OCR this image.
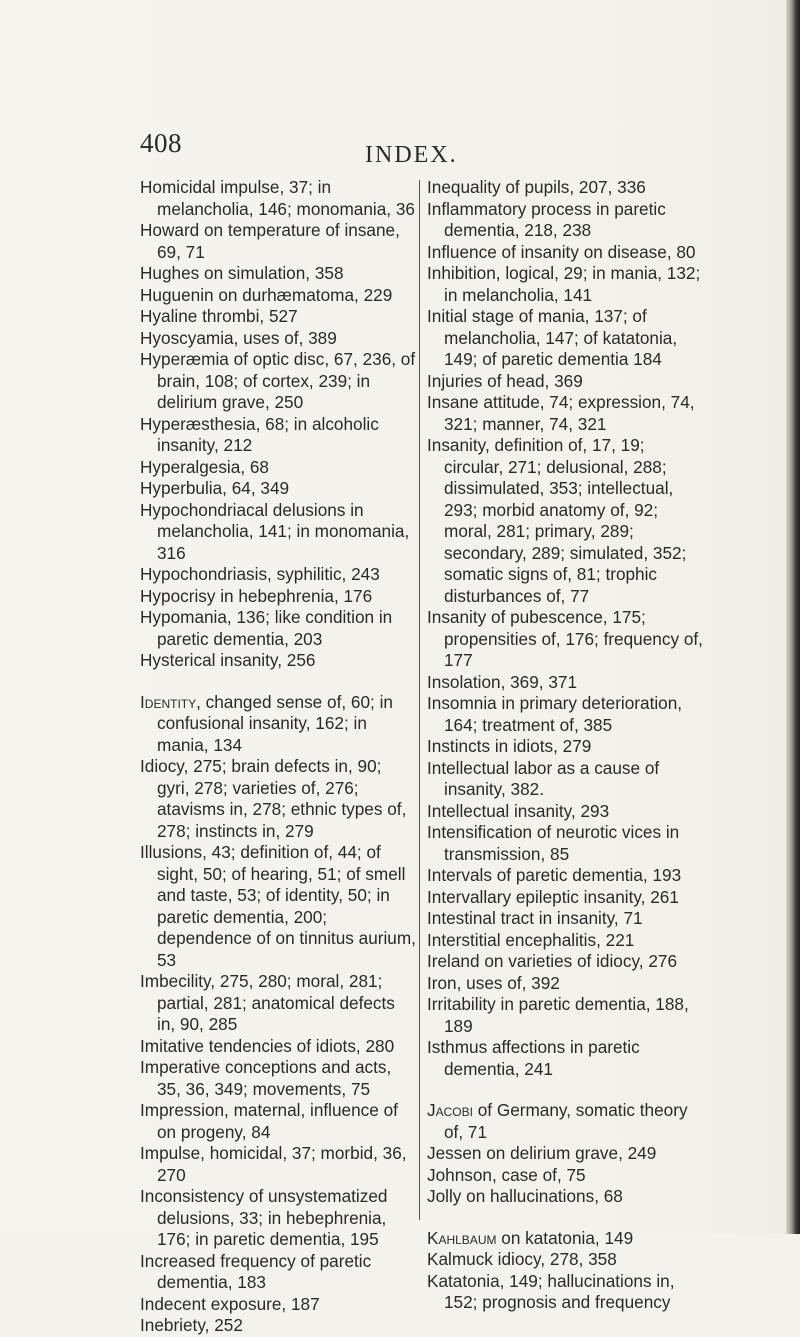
408	INDEX.
Homicidal impulse, 37; in melancholia, 146; monomania, 36
Howard on temperature of insane, 69, 71
Hughes on simulation, 358
Huguenin on durhæmatoma, 229
Hyaline thrombi, 527
Hyoscyamia, uses of, 389
Hyperæmia of optic disc, 67, 236, of brain, 108; of cortex, 239; in delirium grave, 250
Hyperæsthesia, 68; in alcoholic insanity, 212
Hyperalgesia, 68
Hyperbulia, 64, 349
Hypochondriacal delusions in melancholia, 141; in monomania, 316
Hypochondriasis, syphilitic, 243
Hypocrisy in hebephrenia, 176
Hypomania, 136; like condition in paretic dementia, 203
Hysterical insanity, 256
Identity, changed sense of, 60; in confusional insanity, 162; in mania, 134
Idiocy, 275; brain defects in, 90; gyri, 278; varieties of, 276; atavisms in, 278; ethnic types of, 278; instincts in, 279
Illusions, 43; definition of, 44; of sight, 50; of hearing, 51; of smell and taste, 53; of identity, 50; in paretic dementia, 200; dependence of on tinnitus aurium, 53
Imbecility, 275, 280; moral, 281; partial, 281; anatomical defects in, 90, 285
Imitative tendencies of idiots, 280
Imperative conceptions and acts, 35, 36, 349; movements, 75
Impression, maternal, influence of on progeny, 84
Impulse, homicidal, 37; morbid, 36, 270
Inconsistency of unsystematized delusions, 33; in hebephrenia, 176; in paretic dementia, 195
Increased frequency of paretic dementia, 183
Indecent exposure, 187
Inebriety, 252
Inequality of pupils, 207, 336
Inflammatory process in paretic dementia, 218, 238
Influence of insanity on disease, 80
Inhibition, logical, 29; in mania, 132; in melancholia, 141
Initial stage of mania, 137; of melancholia, 147; of katatonia, 149; of paretic dementia 184
Injuries of head, 369
Insane attitude, 74; expression, 74, 321; manner, 74, 321
Insanity, definition of, 17, 19; circular, 271; delusional, 288; dissimulated, 353; intellectual, 293; morbid anatomy of, 92; moral, 281; primary, 289; secondary, 289; simulated, 352; somatic signs of, 81; trophic disturbances of, 77
Insanity of pubescence, 175; propensities of, 176; frequency of, 177
Insolation, 369, 371
Insomnia in primary deterioration, 164; treatment of, 385
Instincts in idiots, 279
Intellectual labor as a cause of insanity, 382.
Intellectual insanity, 293
Intensification of neurotic vices in transmission, 85
Intervals of paretic dementia, 193
Intervallary epileptic insanity, 261
Intestinal tract in insanity, 71
Interstitial encephalitis, 221
Ireland on varieties of idiocy, 276
Iron, uses of, 392
Irritability in paretic dementia, 188, 189
Isthmus affections in paretic dementia, 241
Jacobi of Germany, somatic theory of, 71
Jessen on delirium grave, 249
Johnson, case of, 75
Jolly on hallucinations, 68
Kahlbaum on katatonia, 149
Kalmuck idiocy, 278, 358
Katatonia, 149; hallucinations in, 152; prognosis and frequency
